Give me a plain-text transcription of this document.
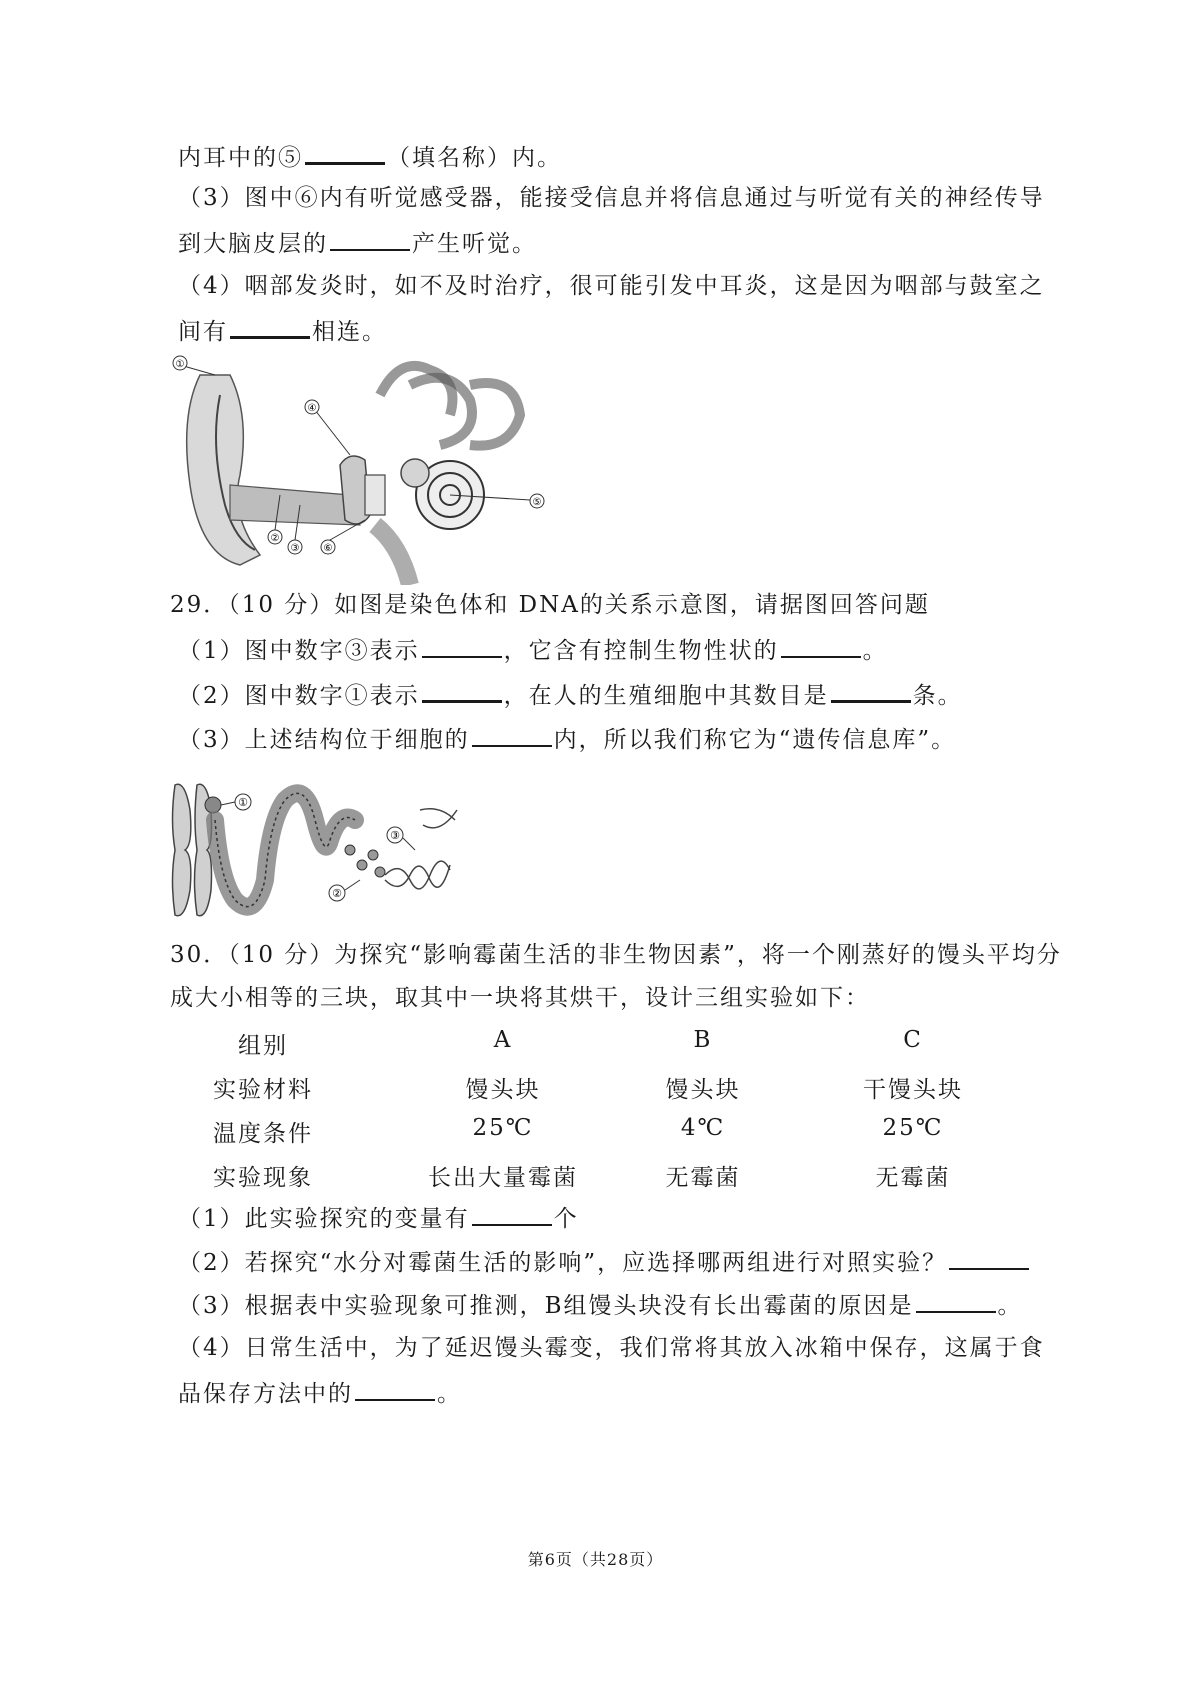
内耳中的⑤	（填名称）内。
（3）图中⑥内有听觉感受器，能接受信息并将信息通过与听觉有关的神经传导
到大脑皮层的	产生听觉。
（4）咽部发炎时，如不及时治疗，很可能引发中耳炎，这是因为咽部与鼓室之
间有	相连。
①
②
③
④
⑤
⑥
29．（10 分）如图是染色体和 DNA的关系示意图，请据图回答问题
（1）图中数字③表示	，它含有控制生物性状的	。
（2）图中数字①表示	，在人的生殖细胞中其数目是	条。
（3）上述结构位于细胞的	内，所以我们称它为“遗传信息库”。
①
②
③
30．（10 分）为探究“影响霉菌生活的非生物因素”，将一个刚蒸好的馒头平均分
成大小相等的三块，取其中一块将其烘干，设计三组实验如下：
组别	A	B	C
实验材料	馒头块	馒头块	干馒头块
温度条件	25℃	4℃	25℃
实验现象	长出大量霉菌	无霉菌	无霉菌
（1）此实验探究的变量有	个
（2）若探究“水分对霉菌生活的影响”，应选择哪两组进行对照实验？
（3）根据表中实验现象可推测，B组馒头块没有长出霉菌的原因是	。
（4）日常生活中，为了延迟馒头霉变，我们常将其放入冰箱中保存，这属于食
品保存方法中的	。
第6页（共28页）
